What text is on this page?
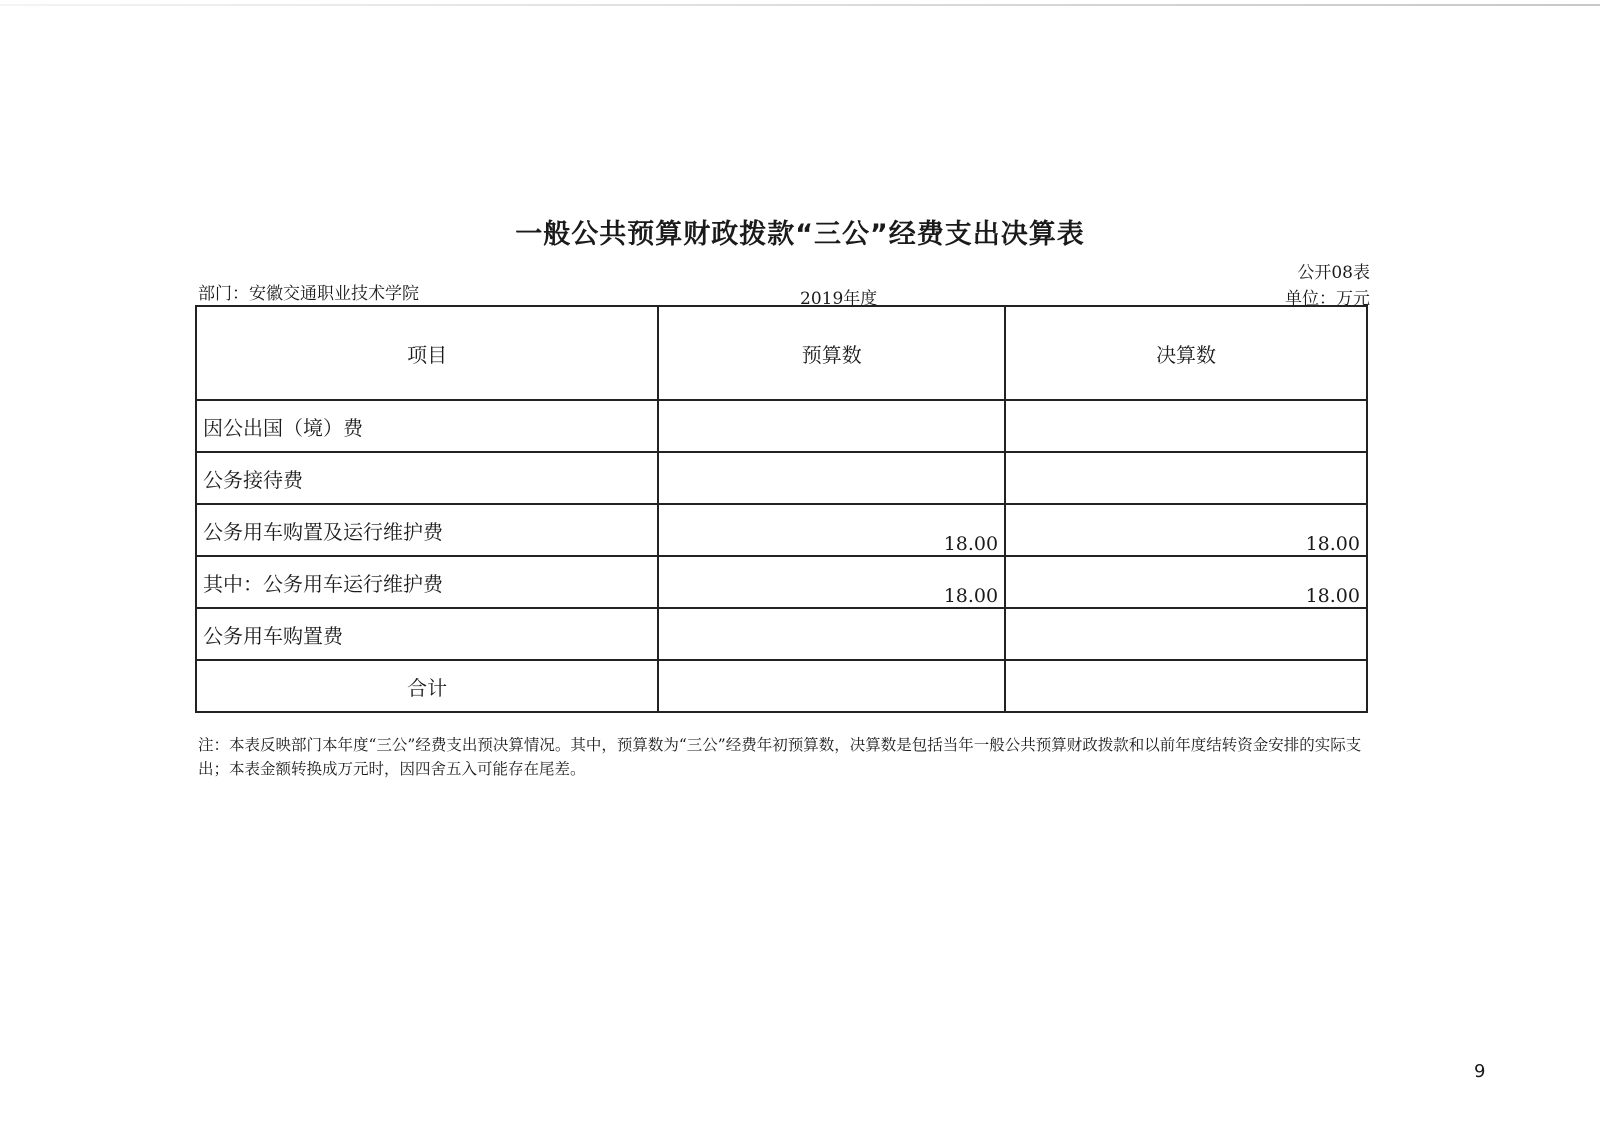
一般公共预算财政拨款“三公”经费支出决算表
部门：安徽交通职业技术学院	2019年度
公开08表
单位：万元
项目	预算数	决算数
因公出国（境）费		
公务接待费		
公务用车购置及运行维护费	18.00	18.00
其中：公务用车运行维护费	18.00	18.00
公务用车购置费		
合计		
注：本表反映部门本年度“三公”经费支出预决算情况。其中，预算数为“三公”经费年初预算数，决算数是包括当年一般公共预算财政拨款和以前年度结转资金安排的实际支出；本表金额转换成万元时，因四舍五入可能存在尾差。
9
